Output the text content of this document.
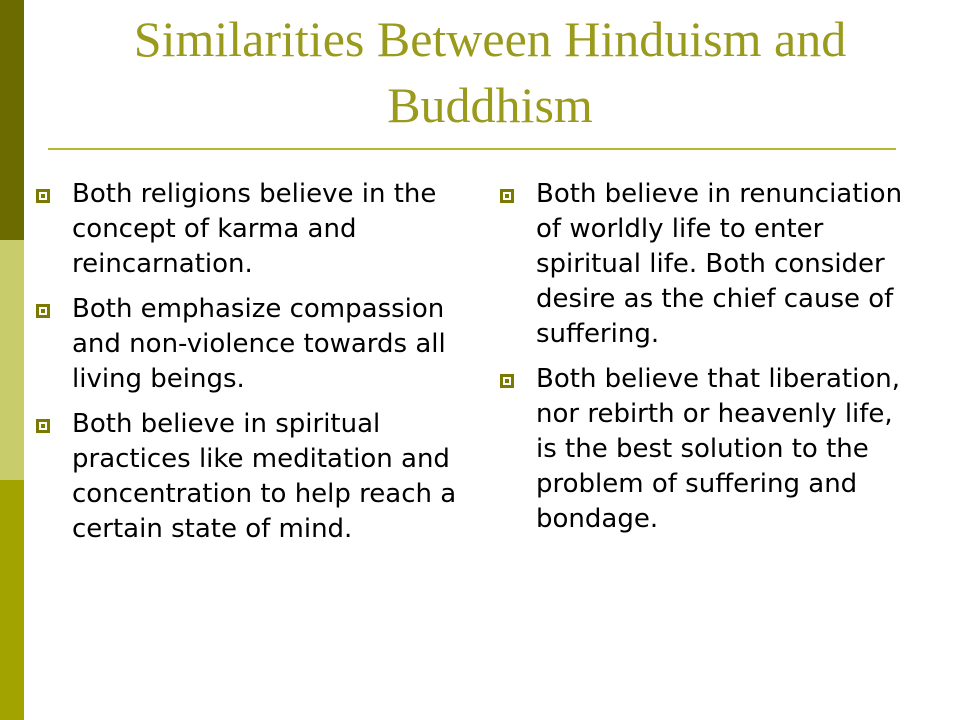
Similarities Between Hinduism and Buddhism
Both religions believe in the concept of karma and reincarnation.
Both emphasize compassion and non-violence towards all living beings.
Both believe in spiritual practices like meditation and concentration to help reach a certain state of mind.
Both believe in renunciation of worldly life to enter spiritual life. Both consider desire as the chief cause of suffering.
Both believe that liberation, nor rebirth or heavenly life, is the best solution to the problem of suffering and bondage.
